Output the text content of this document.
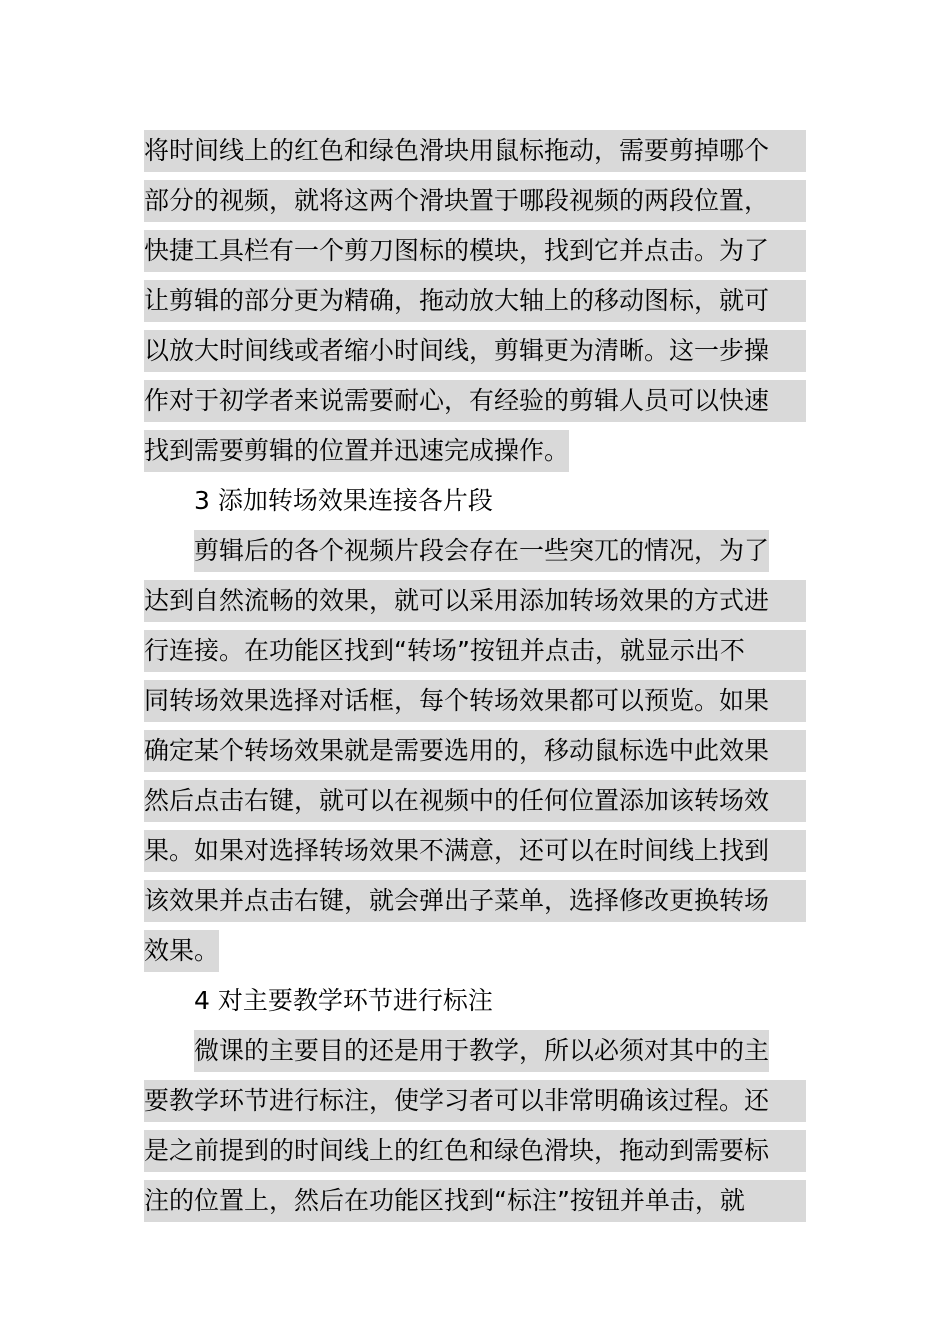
将时间线上的红色和绿色滑块用鼠标拖动，需要剪掉哪个
部分的视频，就将这两个滑块置于哪段视频的两段位置，
快捷工具栏有一个剪刀图标的模块，找到它并点击。为了
让剪辑的部分更为精确，拖动放大轴上的移动图标，就可
以放大时间线或者缩小时间线，剪辑更为清晰。这一步操
作对于初学者来说需要耐心，有经验的剪辑人员可以快速
找到需要剪辑的位置并迅速完成操作。
3 添加转场效果连接各片段
剪辑后的各个视频片段会存在一些突兀的情况，为了
达到自然流畅的效果，就可以采用添加转场效果的方式进
行连接。在功能区找到“转场”按钮并点击，就显示出不
同转场效果选择对话框，每个转场效果都可以预览。如果
确定某个转场效果就是需要选用的，移动鼠标选中此效果
然后点击右键，就可以在视频中的任何位置添加该转场效
果。如果对选择转场效果不满意，还可以在时间线上找到
该效果并点击右键，就会弹出子菜单，选择修改更换转场
效果。
4 对主要教学环节进行标注
微课的主要目的还是用于教学，所以必须对其中的主
要教学环节进行标注，使学习者可以非常明确该过程。还
是之前提到的时间线上的红色和绿色滑块，拖动到需要标
注的位置上，然后在功能区找到“标注”按钮并单击，就
